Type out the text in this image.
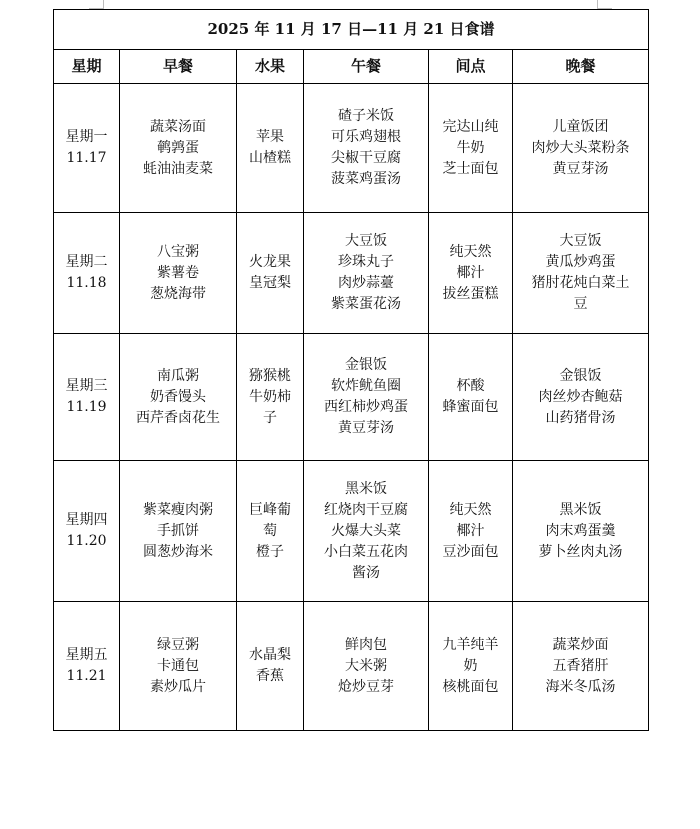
2025 年 11 月 17 日—11 月 21 日食谱					
星期	早餐	水果	午餐	间点	晚餐

星期一
11.17	蔬菜汤面
鹌鹑蛋
蚝油油麦菜	苹果
山楂糕	碴子米饭
可乐鸡翅根
尖椒干豆腐
菠菜鸡蛋汤	完达山纯
牛奶
芝士面包	儿童饭团
肉炒大头菜粉条
黄豆芽汤

星期二
11.18	八宝粥
紫薯卷
葱烧海带	火龙果
皇冠梨	大豆饭
珍珠丸子
肉炒蒜薹
紫菜蛋花汤	纯天然
椰汁
拔丝蛋糕	大豆饭
黄瓜炒鸡蛋
猪肘花炖白菜土
豆

星期三
11.19	南瓜粥
奶香馒头
西芹香卤花生	猕猴桃
牛奶柿
子	金银饭
软炸鱿鱼圈
西红柿炒鸡蛋
黄豆芽汤	杯酸
蜂蜜面包	金银饭
肉丝炒杏鲍菇
山药猪骨汤

星期四
11.20	紫菜瘦肉粥
手抓饼
圆葱炒海米	巨峰葡
萄
橙子	黑米饭
红烧肉干豆腐
火爆大头菜
小白菜五花肉
酱汤	纯天然
椰汁
豆沙面包	黑米饭
肉末鸡蛋羹
萝卜丝肉丸汤

星期五
11.21	绿豆粥
卡通包
素炒瓜片	水晶梨
香蕉	鲜肉包
大米粥
炝炒豆芽	九羊纯羊
奶
核桃面包	蔬菜炒面
五香猪肝
海米冬瓜汤
